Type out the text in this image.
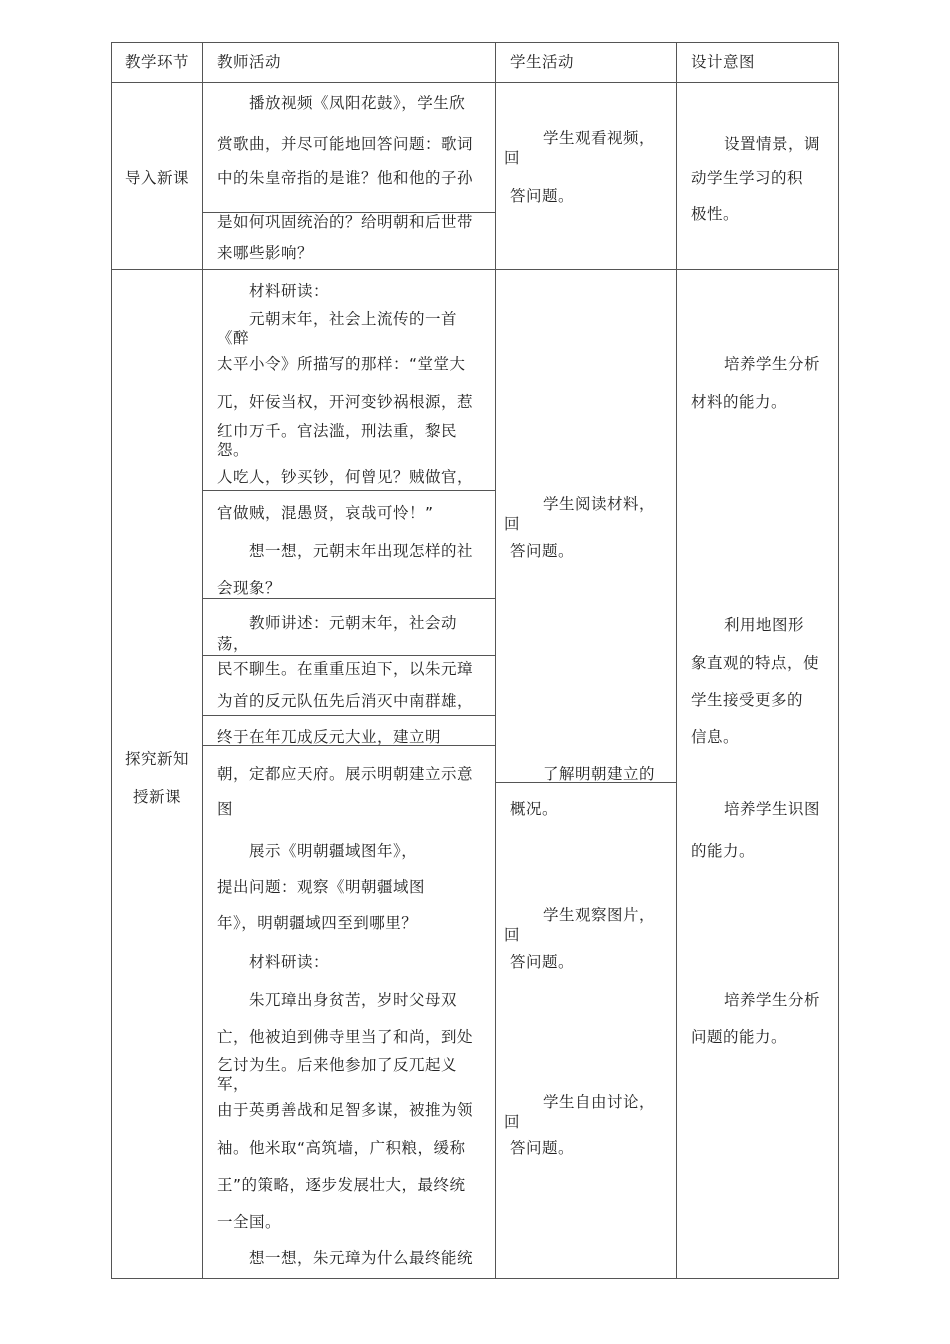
教学环节 教师活动	学生活动	设计意图
导入新课
播放视频《凤阳花鼓》，学生欣
赏歌曲，并尽可能地回答问题：歌词
中的朱皇帝指的是谁？他和他的子孙
是如何巩固统治的？给明朝和后世带
来哪些影响？
学生观看视频，
回
答问题。
设置情景，调
动学生学习的积
极性。
探究新知
授新课
材料研读：
元朝末年，社会上流传的一首
《醉
太平小令》所描写的那样：“堂堂大
兀，奸佞当权，开河变钞祸根源，惹
红巾万千。官法滥，刑法重，黎民
怨。
人吃人，钞买钞，何曾见？贼做官，
官做贼，混愚贤，哀哉可怜！”
想一想，元朝末年出现怎样的社
会现象？
教师讲述：元朝末年，社会动
荡，
民不聊生。在重重压迫下，以朱元璋
为首的反元队伍先后消灭中南群雄，
终于在年兀成反元大业，建立明
朝，定都应天府。展示明朝建立示意
图
展示《明朝疆域图年》，
提出问题：观察《明朝疆域图
年》，明朝疆域四至到哪里？
材料研读：
朱兀璋出身贫苦，岁时父母双
亡，他被迫到佛寺里当了和尚，到处
乞讨为生。后来他参加了反兀起义
军，
由于英勇善战和足智多谋，被推为领
袖。他米取“高筑墙，广积粮，缓称
王”的策略，逐步发展壮大，最终统
一全国。
想一想，朱元璋为什么最终能统
学生阅读材料，
回
答问题。
了解明朝建立的
概况。
学生观察图片，
回
答问题。
学生自由讨论，
回
答问题。
培养学生分析
材料的能力。
利用地图形
象直观的特点，使
学生接受更多的
信息。
培养学生识图
的能力。
培养学生分析
问题的能力。
